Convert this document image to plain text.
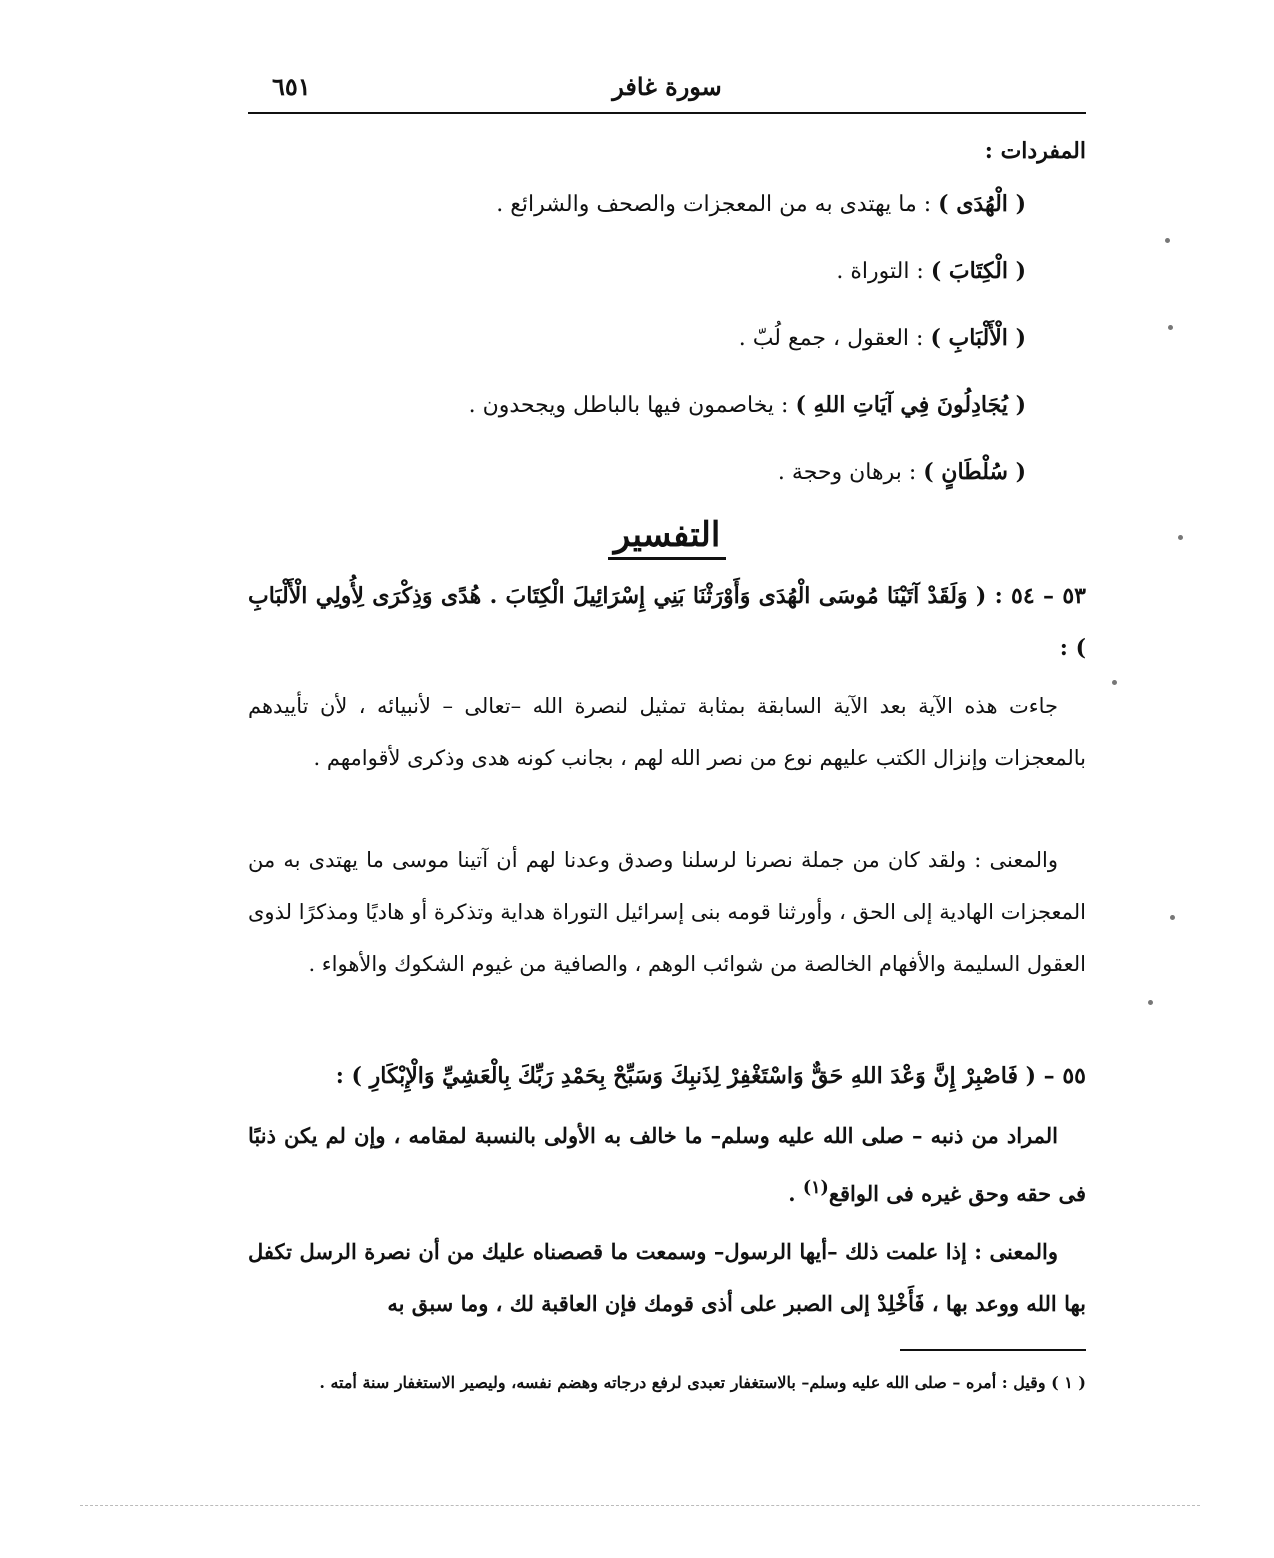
سورة غافر
٦٥١
المفردات :
( الْهُدَى ) : ما يهتدى به من المعجزات والصحف والشرائع .
( الْكِتَابَ ) : التوراة .
( الْأَلْبَابِ ) : العقول ، جمع لُبّ .
( يُجَادِلُونَ فِي آيَاتِ اللهِ ) : يخاصمون فيها بالباطل ويجحدون .
( سُلْطَانٍ ) : برهان وحجة .
التفسير
٥٣ – ٥٤ : ( وَلَقَدْ آتَيْنَا مُوسَى الْهُدَى وَأَوْرَثْنَا بَنِي إِسْرَائِيلَ الْكِتَابَ . هُدًى وَذِكْرَى لِأُولِي الْأَلْبَابِ ) :

جاءت هذه الآية بعد الآية السابقة بمثابة تمثيل لنصرة الله –تعالى – لأنبيائه ، لأن تأييدهم بالمعجزات وإنزال الكتب عليهم نوع من نصر الله لهم ، بجانب كونه هدى وذكرى لأقوامهم .

والمعنى : ولقد كان من جملة نصرنا لرسلنا وصدق وعدنا لهم أن آتينا موسى ما يهتدى به من المعجزات الهادية إلى الحق ، وأورثنا قومه بنى إسرائيل التوراة هداية وتذكرة أو هاديًا ومذكرًا لذوى العقول السليمة والأفهام الخالصة من شوائب الوهم ، والصافية من غيوم الشكوك والأهواء .

٥٥ – ( فَاصْبِرْ إِنَّ وَعْدَ اللهِ حَقٌّ وَاسْتَغْفِرْ لِذَنبِكَ وَسَبِّحْ بِحَمْدِ رَبِّكَ بِالْعَشِيِّ وَالْإِبْكَارِ ) :

المراد من ذنبه – صلى الله عليه وسلم– ما خالف به الأولى بالنسبة لمقامه ، وإن لم يكن ذنبًا فى حقه وحق غيره فى الواقع$^{(١)}$ .

والمعنى : إذا علمت ذلك –أيها الرسول– وسمعت ما قصصناه عليك من أن نصرة الرسل تكفل بها الله ووعد بها ، فَأَخْلِدْ إلى الصبر على أذى قومك فإن العاقبة لك ، وما سبق به

( ١ ) وقيل : أمره – صلى الله عليه وسلم– بالاستغفار تعبدى لرفع درجاته وهضم نفسه، وليصير الاستغفار سنة أمته .
